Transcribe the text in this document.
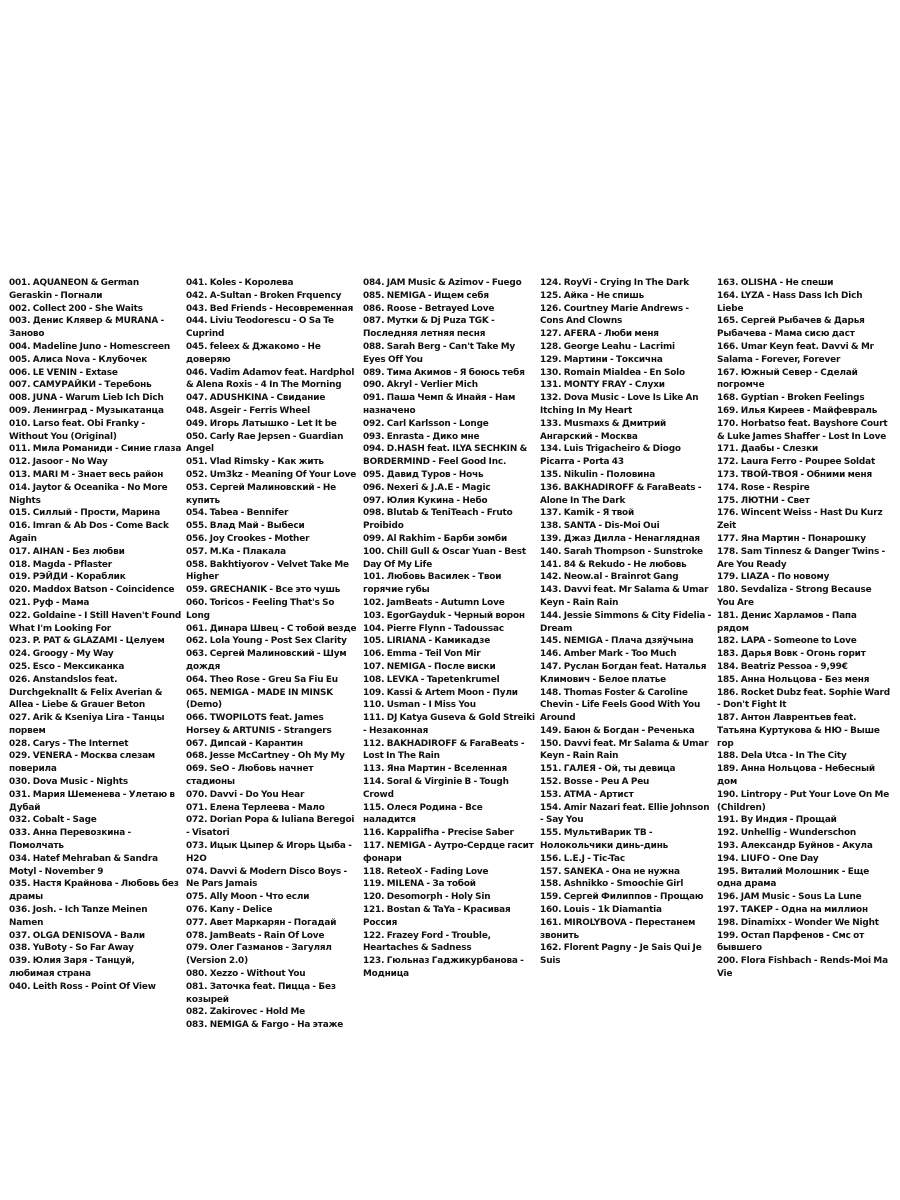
001. AQUANEON & German Geraskin - Погнали
002. Collect 200 - She Waits
003. Денис Клявер & MURANA - Заново
004. Madeline Juno - Homescreen
005. Алиса Nova - Клубочек
006. LE VENIN - Extase
007. САМУРАЙКИ - Теребонь
008. JUNA - Warum Lieb Ich Dich
009. Ленинград - Музыкатанца
010. Larso feat. Obi Franky - Without You (Original)
011. Мила Романиди - Синие глаза
012. Jasoor - No Way
013. MARI M - Знает весь район
014. Jaytor & Oceanika - No More Nights
015. Силлый - Прости, Марина
016. Imran & Ab Dos - Come Back Again
017. AIHAN - Без любви
018. Magda - Pflaster
019. РЭЙДИ - Кораблик
020. Maddox Batson - Coincidence
021. Руф - Мама
022. Goldaine - I Still Haven't Found What I'm Looking For
023. P. PAT & GLAZAMI - Целуем
024. Groogy - My Way
025. Esco - Мексиканка
026. Anstandslos feat. Durchgeknallt & Felix Averian & Allea - Liebe & Grauer Beton
027. Arik & Kseniya Lira - Танцы порвем
028. Carys - The Internet
029. VENERA - Москва слезам поверила
030. Dova Music - Nights
031. Мария Шеменева - Улетаю в Дубай
032. Cobalt - Sage
033. Анна Перевозкина - Помолчать
034. Hatef Mehraban & Sandra Motyl - November 9
035. Настя Крайнова - Любовь без драмы
036. Josh. - Ich Tanze Meinen Namen
037. OLGA DENISOVA - Вали
038. YuBoty - So Far Away
039. Юлия Заря - Танцуй, любимая страна
040. Leith Ross - Point Of View
041. Koles - Королева
042. A-Sultan - Broken Frquency
043. Bed Friends - Несовременная
044. Liviu Teodorescu - O Sa Te Cuprind
045. feleex & Джакомо - Не доверяю
046. Vadim Adamov feat. Hardphol & Alena Roxis - 4 In The Morning
047. ADUSHKINA - Свидание
048. Asgeir - Ferris Wheel
049. Игорь Латышко - Let It be
050. Carly Rae Jepsen - Guardian Angel
051. Vlad Rimsky - Как жить
052. Um3kz - Meaning Of Your Love
053. Сергей Малиновский - Не купить
054. Tabea - Bennifer
055. Влад Май - Выбеси
056. Joy Crookes - Mother
057. M.Ka - Плакала
058. Bakhtiyorov - Velvet Take Me Higher
059. GRECHANIK - Все это чушь
060. Toricos - Feeling That's So Long
061. Динара Швец - С тобой везде
062. Lola Young - Post Sex Clarity
063. Сергей Малиновский - Шум дождя
064. Theo Rose - Greu Sa Fiu Eu
065. NEMIGA - MADE IN MINSK (Demo)
066. TWOPILOTS feat. James Horsey & ARTUNIS - Strangers
067. Дипсай - Карантин
068. Jesse McCartney - Oh My My
069. SeO - Любовь начнет стадионы
070. Davvi - Do You Hear
071. Елена Терлеева - Мало
072. Dorian Popa & Iuliana Beregoi - Visatori
073. Ицык Цыпер & Игорь Цыба - Н2О
074. Davvi & Modern Disco Boys - Ne Pars Jamais
075. Ally Moon - Что если
076. Kany - Delice
077. Авет Маркарян - Погадай
078. JamBeats - Rain Of Love
079. Олег Газманов - Загулял (Version 2.0)
080. Xezzo - Without You
081. Заточка feat. Пицца - Без козырей
082. Zakirovec - Hold Me
083. NEMIGA & Fargo - На этаже
084. JAM Music & Azimov - Fuego
085. NEMIGA - Ищем себя
086. Roose - Betrayed Love
087. Мутки & Dj Puza TGK - Последняя летняя песня
088. Sarah Berg - Can't Take My Eyes Off You
089. Тима Акимов - Я боюсь тебя
090. Akryl - Verlier Mich
091. Паша Чемп & Инайя - Нам назначено
092. Carl Karlsson - Longe
093. Enrasta - Дико мне
094. D.HASH feat. ILYA SECHKIN & BORDERMIND - Feel Good Inc.
095. Давид Туров - Ночь
096. Nexeri & J.A.E - Magic
097. Юлия Кукина - Небо
098. Blutab & TeniTeach - Fruto Proibido
099. Al Rakhim - Барби зомби
100. Chill Gull & Oscar Yuan - Best Day Of My Life
101. Любовь Василек - Твои горячие губы
102. JamBeats - Autumn Love
103. EgorGayduk - Черный ворон
104. Pierre Flynn - Tadoussac
105. LIRIANA - Камикадзе
106. Emma - Teil Von Mir
107. NEMIGA - После виски
108. LEVKA - Tapetenkrumel
109. Kassi & Artem Moon - Пули
110. Usman - I Miss You
111. DJ Katya Guseva & Gold Streiki - Незаконная
112. BAKHADIROFF & FaraBeats - Lost In The Rain
113. Яна Мартин - Вселенная
114. Soral & Virginie B - Tough Crowd
115. Олеся Родина - Все наладится
116. Kappalifha - Precise Saber
117. NEMIGA - Аутро-Сердце гасит фонари
118. ReteoX - Fading Love
119. MILENA - За тобой
120. Desomorph - Holy Sin
121. Bostan & TaYa - Красивая Россия
122. Frazey Ford - Trouble, Heartaches & Sadness
123. Гюльназ Гаджикурбанова - Модница
124. RoyVi - Crying In The Dark
125. Айка - Не спишь
126. Courtney Marie Andrews - Cons And Clowns
127. AFERA - Люби меня
128. George Leahu - Lacrimi
129. Мартини - Токсична
130. Romain Mialdea - En Solo
131. MONTY FRAY - Слухи
132. Dova Music - Love Is Like An Itching In My Heart
133. Musmaxs & Дмитрий Ангарский - Москва
134. Luis Trigacheiro & Diogo Picarra - Porta 43
135. Nikulin - Половина
136. BAKHADIROFF & FaraBeats - Alone In The Dark
137. Kamik - Я твой
138. SANTA - Dis-Moi Oui
139. Джаз Дилла - Ненаглядная
140. Sarah Thompson - Sunstroke
141. 84 & Rekudo - Не любовь
142. Neow.al - Brainrot Gang
143. Davvi feat. Mr Salama & Umar Keyn - Rain Rain
144. Jessie Simmons & City Fidelia - Dream
145. NEMIGA - Плача дзяўчына
146. Amber Mark - Too Much
147. Руслан Богдан feat. Наталья Климович - Белое платье
148. Thomas Foster & Caroline Chevin - Life Feels Good With You Around
149. Баюн & Богдан - Реченька
150. Davvi feat. Mr Salama & Umar Keyn - Rain Rain
151. ГАЛЕЯ - Ой, ты девица
152. Bosse - Peu A Peu
153. ATMA - Артист
154. Amir Nazari feat. Ellie Johnson - Say You
155. МультиВарик ТВ - Нолокольчики динь-динь
156. L.E.J - Tic-Tac
157. SANEKA - Она не нужна
158. Ashnikko - Smoochie Girl
159. Сергей Филиппов - Прощаю
160. Louis - 1k Diamantia
161. MIROLYBOVA - Перестанем звонить
162. Florent Pagny - Je Sais Qui Je Suis
163. OLISHA - Не спеши
164. LYZA - Hass Dass Ich Dich Liebe
165. Сергей Рыбачев & Дарья Рыбачева - Мама сисю даст
166. Umar Keyn feat. Davvi & Mr Salama - Forever, Forever
167. Южный Север - Сделай погромче
168. Gyptian - Broken Feelings
169. Илья Киреев - Майфевраль
170. Horbatso feat. Bayshore Court & Luke James Shaffer - Lost In Love
171. Даабы - Слезки
172. Laura Ferro - Poupee Soldat
173. ТВОЙ-ТВОЯ - Обними меня
174. Rose - Respire
175. ЛЮТНИ - Свет
176. Wincent Weiss - Hast Du Kurz Zeit
177. Яна Мартин - Понарошку
178. Sam Tinnesz & Danger Twins - Are You Ready
179. LIAZA - По новому
180. Sevdaliza - Strong Because You Are
181. Денис Харламов - Папа рядом
182. LAPA - Someone to Love
183. Дарья Вовк - Огонь горит
184. Beatriz Pessoa - 9,99€
185. Анна Нольцова - Без меня
186. Rocket Dubz feat. Sophie Ward - Don't Fight It
187. Антон Лаврентьев feat. Татьяна Куртукова & НЮ - Выше гор
188. Dela Utca - In The City
189. Анна Нольцова - Небесный дом
190. Lintropy - Put Your Love On Me (Children)
191. Ву Индия - Прощай
192. Unhellig - Wunderschon
193. Александр Буйнов - Акула
194. LIUFO - One Day
195. Виталий Молошник - Еще одна драма
196. JAM Music - Sous La Lune
197. ТАКЕР - Одна на миллион
198. Dinamixx - Wonder We Night
199. Остап Парфенов - Смс от бывшего
200. Flora Fishbach - Rends-Moi Ma Vie
